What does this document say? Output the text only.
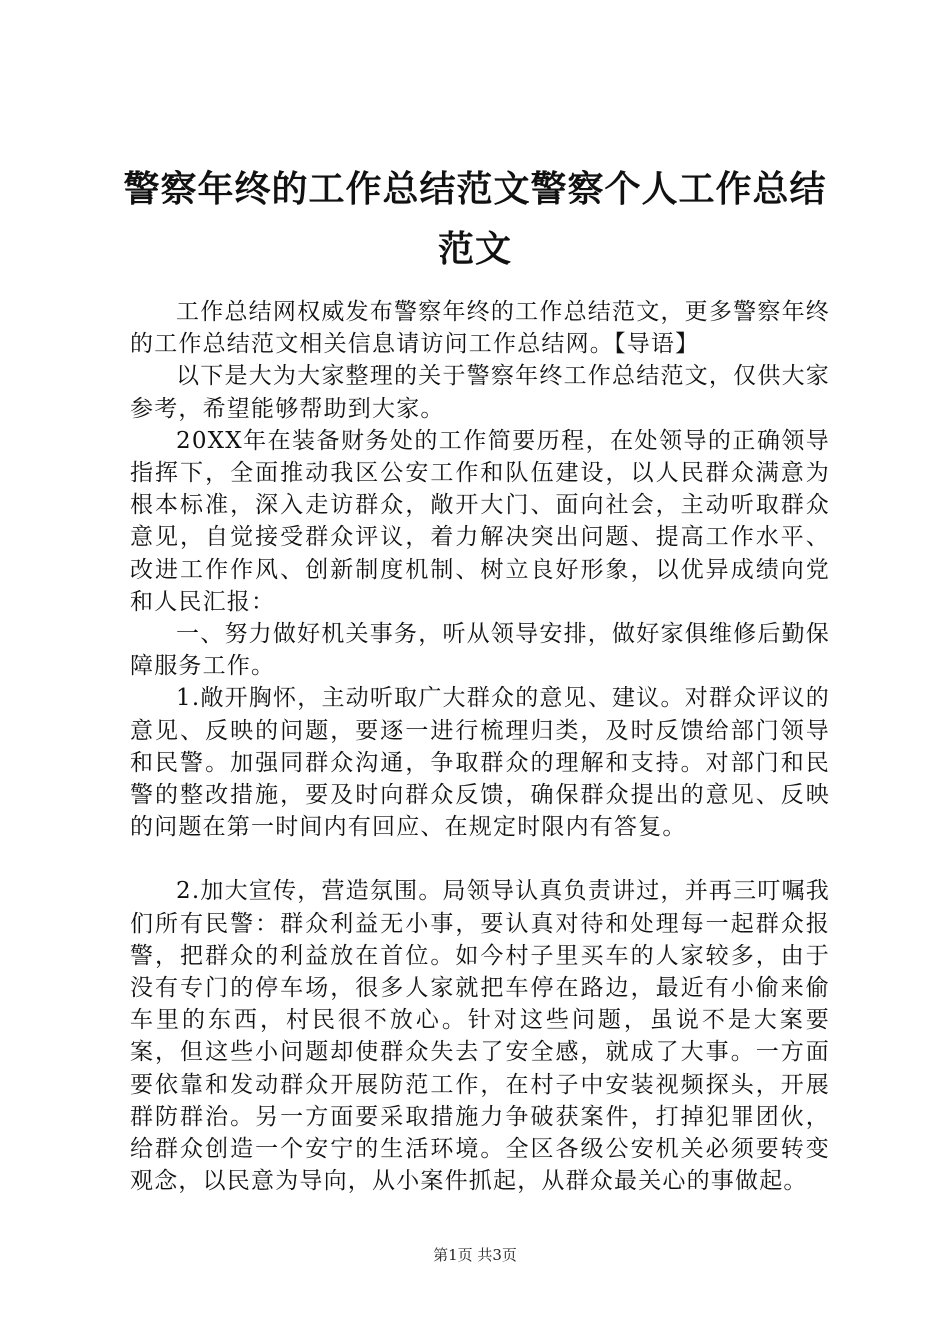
警察年终的工作总结范文警察个人工作总结范文

工作总结网权威发布警察年终的工作总结范文，更多警察年终的工作总结范文相关信息请访问工作总结网。【导语】

以下是大为大家整理的关于警察年终工作总结范文，仅供大家参考，希望能够帮助到大家。

20XX年在装备财务处的工作简要历程，在处领导的正确领导指挥下，全面推动我区公安工作和队伍建设，以人民群众满意为根本标准，深入走访群众，敞开大门、面向社会，主动听取群众意见，自觉接受群众评议，着力解决突出问题、提高工作水平、改进工作作风、创新制度机制、树立良好形象，以优异成绩向党和人民汇报：

一、努力做好机关事务，听从领导安排，做好家俱维修后勤保障服务工作。

1.敞开胸怀，主动听取广大群众的意见、建议。对群众评议的意见、反映的问题，要逐一进行梳理归类，及时反馈给部门领导和民警。加强同群众沟通，争取群众的理解和支持。对部门和民警的整改措施，要及时向群众反馈，确保群众提出的意见、反映的问题在第一时间内有回应、在规定时限内有答复。

2.加大宣传，营造氛围。局领导认真负责讲过，并再三叮嘱我们所有民警：群众利益无小事，要认真对待和处理每一起群众报警，把群众的利益放在首位。如今村子里买车的人家较多，由于没有专门的停车场，很多人家就把车停在路边，最近有小偷来偷车里的东西，村民很不放心。针对这些问题，虽说不是大案要案，但这些小问题却使群众失去了安全感，就成了大事。一方面要依靠和发动群众开展防范工作，在村子中安装视频探头，开展群防群治。另一方面要采取措施力争破获案件，打掉犯罪团伙，给群众创造一个安宁的生活环境。全区各级公安机关必须要转变观念，以民意为导向，从小案件抓起，从群众最关心的事做起。

第1页 共3页
